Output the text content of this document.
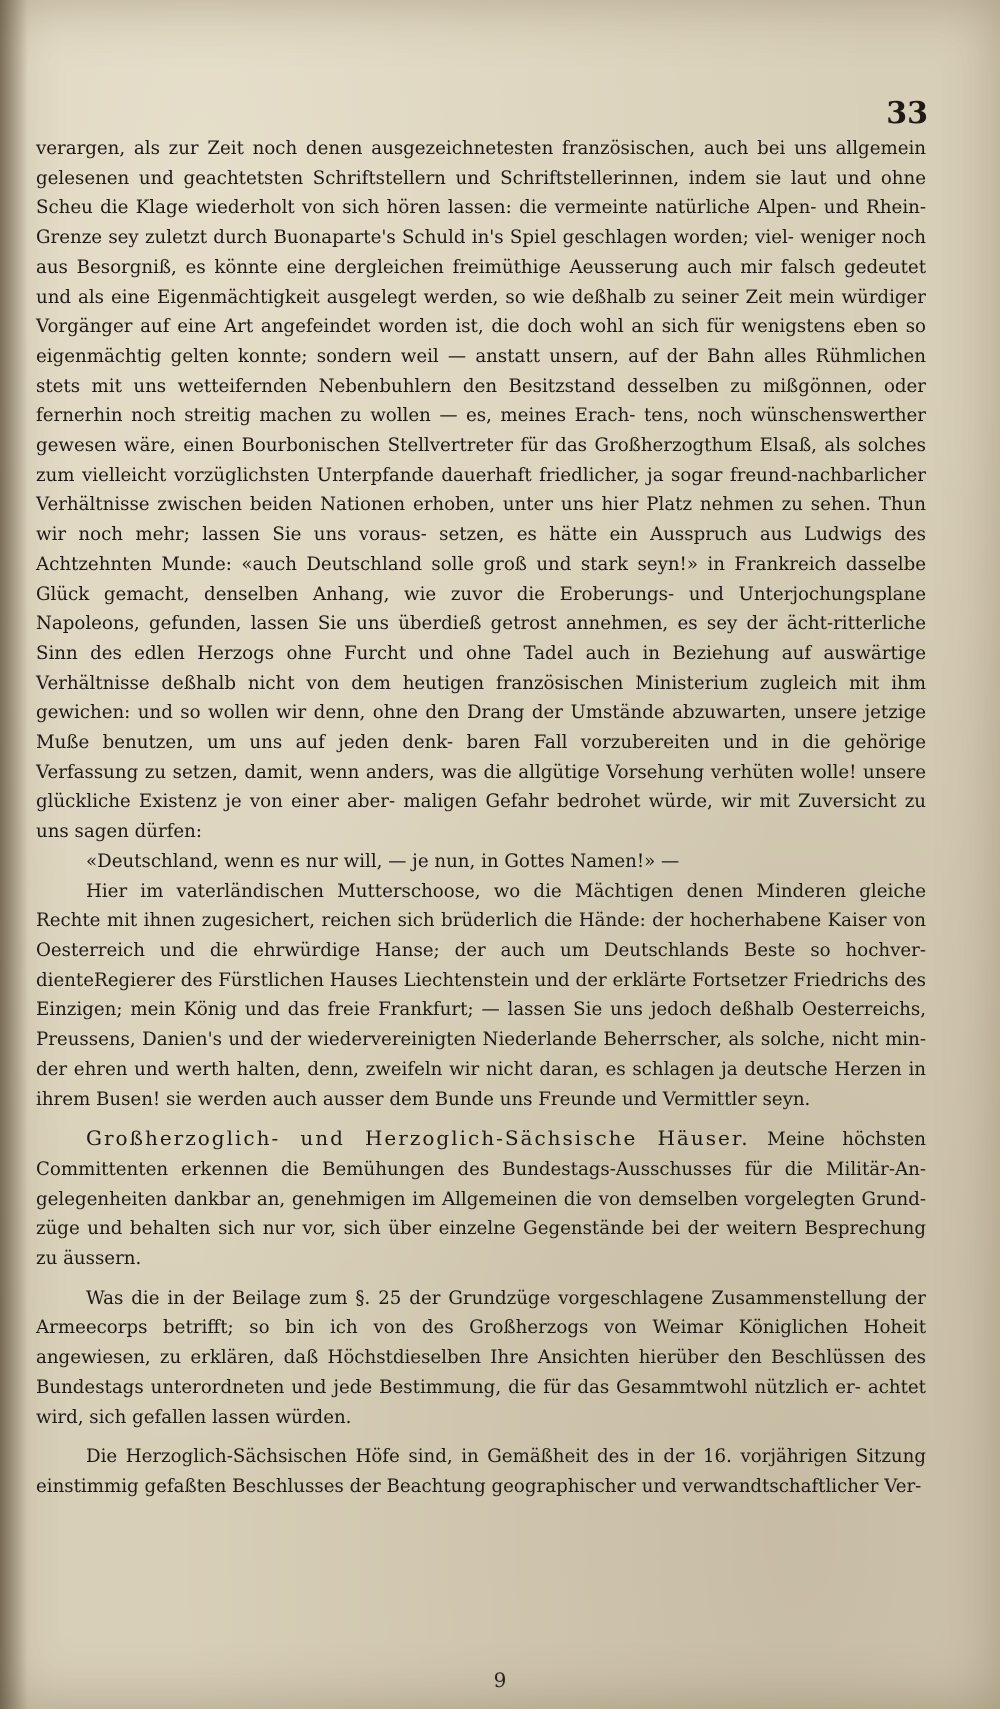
33

verargen, als zur Zeit noch denen ausgezeichnetesten französischen, auch bei uns allgemein gelesenen und geachtetsten Schriftstellern und Schriftstellerinnen, indem sie laut und ohne Scheu die Klage wiederholt von sich hören lassen: die vermeinte natürliche Alpen- und Rhein-Grenze sey zuletzt durch Buonaparte's Schuld in's Spiel geschlagen worden; viel- weniger noch aus Besorgniß, es könnte eine dergleichen freimüthige Aeusserung auch mir falsch gedeutet und als eine Eigenmächtigkeit ausgelegt werden, so wie deßhalb zu seiner Zeit mein würdiger Vorgänger auf eine Art angefeindet worden ist, die doch wohl an sich für wenigstens eben so eigenmächtig gelten konnte; sondern weil — anstatt unsern, auf der Bahn alles Rühmlichen stets mit uns wetteifernden Nebenbuhlern den Besitzstand desselben zu mißgönnen, oder fernerhin noch streitig machen zu wollen — es, meines Erach- tens, noch wünschenswerther gewesen wäre, einen Bourbonischen Stellvertreter für das Großherzogthum Elsaß, als solches zum vielleicht vorzüglichsten Unterpfande dauerhaft friedlicher, ja sogar freund-nachbarlicher Verhältnisse zwischen beiden Nationen erhoben, unter uns hier Platz nehmen zu sehen. Thun wir noch mehr; lassen Sie uns voraus- setzen, es hätte ein Ausspruch aus Ludwigs des Achtzehnten Munde: «auch Deutschland solle groß und stark seyn!» in Frankreich dasselbe Glück gemacht, denselben Anhang, wie zuvor die Eroberungs- und Unterjochungsplane Napoleons, gefunden, lassen Sie uns überdieß getrost annehmen, es sey der ächt-ritterliche Sinn des edlen Herzogs ohne Furcht und ohne Tadel auch in Beziehung auf auswärtige Verhältnisse deßhalb nicht von dem heutigen französischen Ministerium zugleich mit ihm gewichen: und so wollen wir denn, ohne den Drang der Umstände abzuwarten, unsere jetzige Muße benutzen, um uns auf jeden denk- baren Fall vorzubereiten und in die gehörige Verfassung zu setzen, damit, wenn anders, was die allgütige Vorsehung verhüten wolle! unsere glückliche Existenz je von einer aber- maligen Gefahr bedrohet würde, wir mit Zuversicht zu uns sagen dürfen:

«Deutschland, wenn es nur will, — je nun, in Gottes Namen!» —

Hier im vaterländischen Mutterschoose, wo die Mächtigen denen Minderen gleiche Rechte mit ihnen zugesichert, reichen sich brüderlich die Hände: der hocherhabene Kaiser von Oesterreich und die ehrwürdige Hanse; der auch um Deutschlands Beste so hochver- dienteRegierer des Fürstlichen Hauses Liechtenstein und der erklärte Fortsetzer Friedrichs des Einzigen; mein König und das freie Frankfurt; — lassen Sie uns jedoch deßhalb Oesterreichs, Preussens, Danien's und der wiedervereinigten Niederlande Beherrscher, als solche, nicht min- der ehren und werth halten, denn, zweifeln wir nicht daran, es schlagen ja deutsche Herzen in ihrem Busen! sie werden auch ausser dem Bunde uns Freunde und Vermittler seyn.

Großherzoglich- und Herzoglich-Sächsische Häuser. Meine höchsten Committenten erkennen die Bemühungen des Bundestags-Ausschusses für die Militär-An- gelegenheiten dankbar an, genehmigen im Allgemeinen die von demselben vorgelegten Grund- züge und behalten sich nur vor, sich über einzelne Gegenstände bei der weitern Besprechung zu äussern.

Was die in der Beilage zum §. 25 der Grundzüge vorgeschlagene Zusammenstellung der Armeecorps betrifft; so bin ich von des Großherzogs von Weimar Königlichen Hoheit angewiesen, zu erklären, daß Höchstdieselben Ihre Ansichten hierüber den Beschlüssen des Bundestags unterordneten und jede Bestimmung, die für das Gesammtwohl nützlich er- achtet wird, sich gefallen lassen würden.

Die Herzoglich-Sächsischen Höfe sind, in Gemäßheit des in der 16. vorjährigen Sitzung einstimmig gefaßten Beschlusses der Beachtung geographischer und verwandtschaftlicher Ver-

9
